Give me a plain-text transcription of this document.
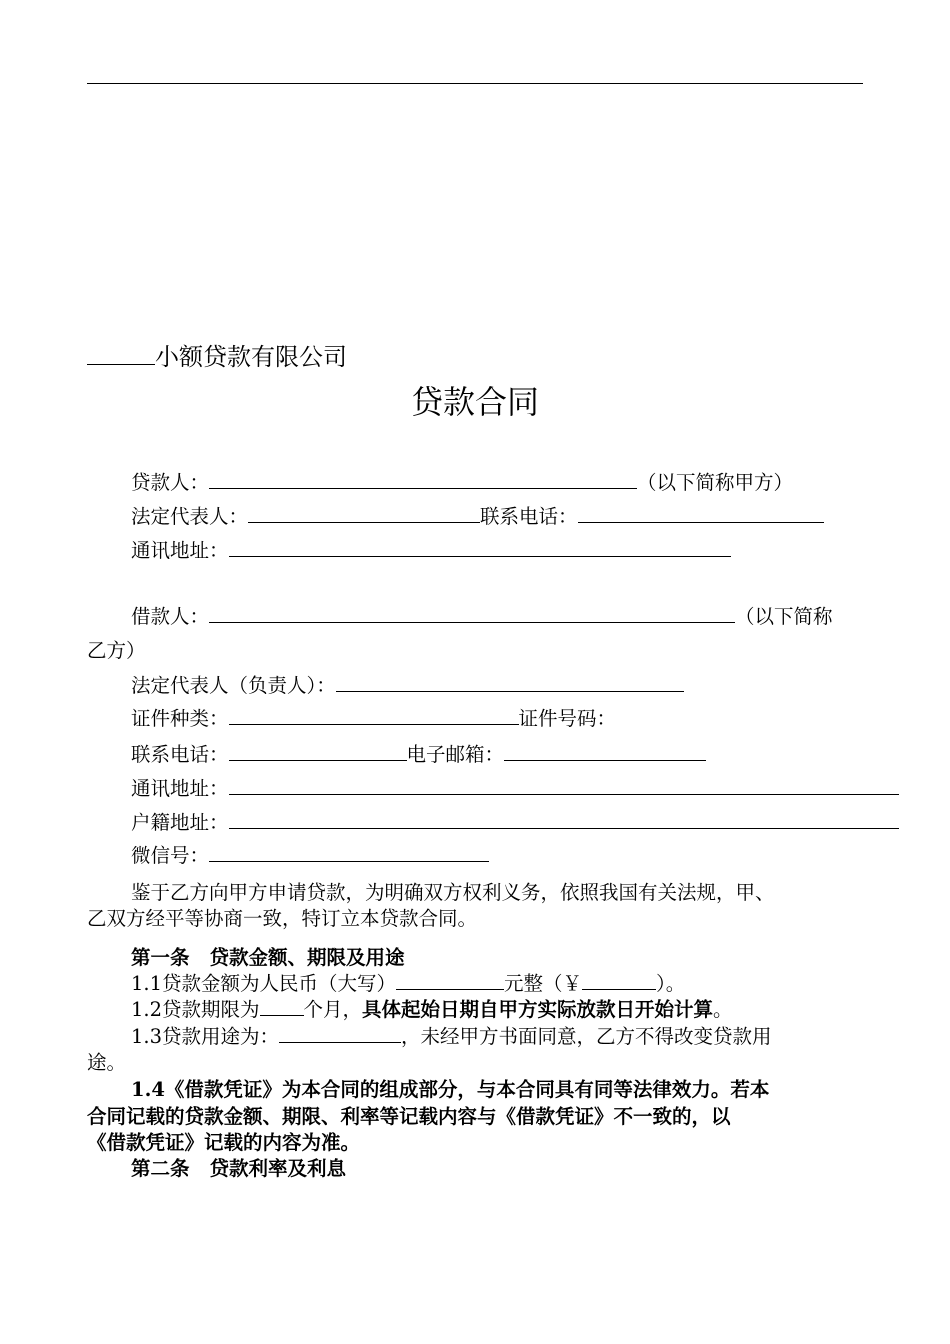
小额贷款有限公司
贷款合同
贷款人：	（以下简称甲方）
法定代表人：	联系电话：
通讯地址：
借款人：	（以下简称
乙方）
法定代表人（负责人）：
证件种类：	证件号码：
联系电话：	电子邮箱：
通讯地址：
户籍地址：
微信号：
鉴于乙方向甲方申请贷款，为明确双方权利义务，依照我国有关法规，甲、
乙双方经平等协商一致，特订立本贷款合同。
第一条 贷款金额、期限及用途
1.1贷款金额为人民币（大写）	元整（￥	）。
1.2贷款期限为 个月，具体起始日期自甲方实际放款日开始计算。
1.3贷款用途为：	，未经甲方书面同意，乙方不得改变贷款用
途。
1.4《借款凭证》为本合同的组成部分，与本合同具有同等法律效力。若本
合同记载的贷款金额、期限、利率等记载内容与《借款凭证》不一致的，以
《借款凭证》记载的内容为准。
第二条 贷款利率及利息
